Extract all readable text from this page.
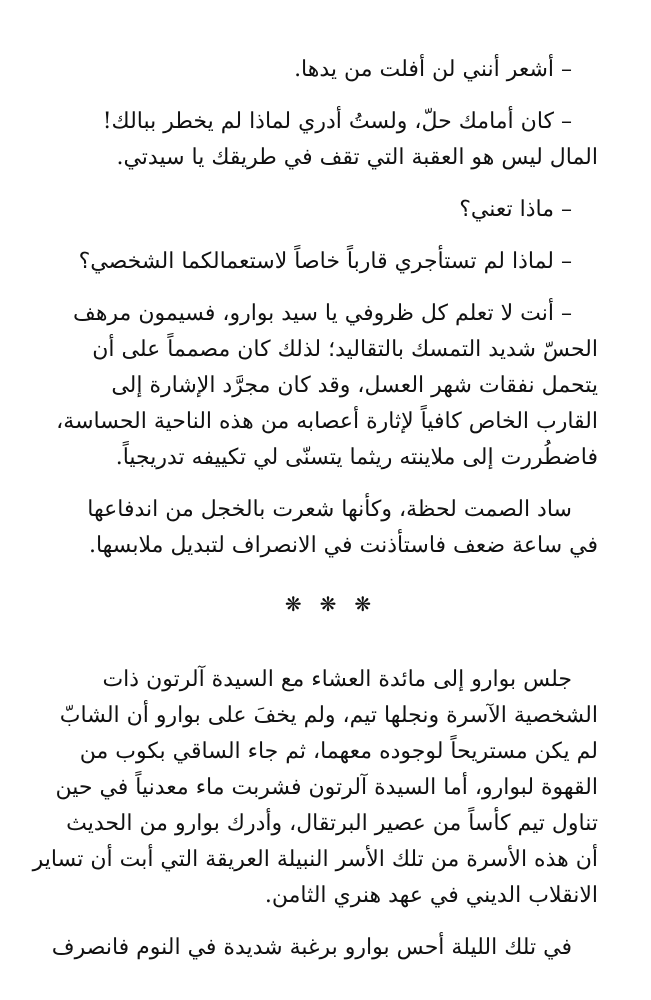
– أشعر أنني لن أفلت من يدها.
– كان أمامك حلّ، ولستُ أدري لماذا لم يخطر ببالك!
المال ليس هو العقبة التي تقف في طريقك يا سيدتي.
– ماذا تعني؟
– لماذا لم تستأجري قارباً خاصاً لاستعمالكما الشخصي؟
– أنت لا تعلم كل ظروفي يا سيد بوارو، فسيمون مرهف
الحسّ شديد التمسك بالتقاليد؛ لذلك كان مصمماً على أن
يتحمل نفقات شهر العسل، وقد كان مجرَّد الإشارة إلى
القارب الخاص كافياً لإثارة أعصابه من هذه الناحية الحساسة،
فاضطُررت إلى ملاينته ريثما يتسنّى لي تكييفه تدريجياً.
ساد الصمت لحظة، وكأنها شعرت بالخجل من اندفاعها
في ساعة ضعف فاستأذنت في الانصراف لتبديل ملابسها.
❋ ❋ ❋
جلس بوارو إلى مائدة العشاء مع السيدة آلرتون ذات
الشخصية الآسرة ونجلها تيم، ولم يخفَ على بوارو أن الشابّ
لم يكن مستريحاً لوجوده معهما، ثم جاء الساقي بكوب من
القهوة لبوارو، أما السيدة آلرتون فشربت ماء معدنياً في حين
تناول تيم كأساً من عصير البرتقال، وأدرك بوارو من الحديث
أن هذه الأسرة من تلك الأسر النبيلة العريقة التي أبت أن تساير
الانقلاب الديني في عهد هنري الثامن.
في تلك الليلة أحس بوارو برغبة شديدة في النوم فانصرف
